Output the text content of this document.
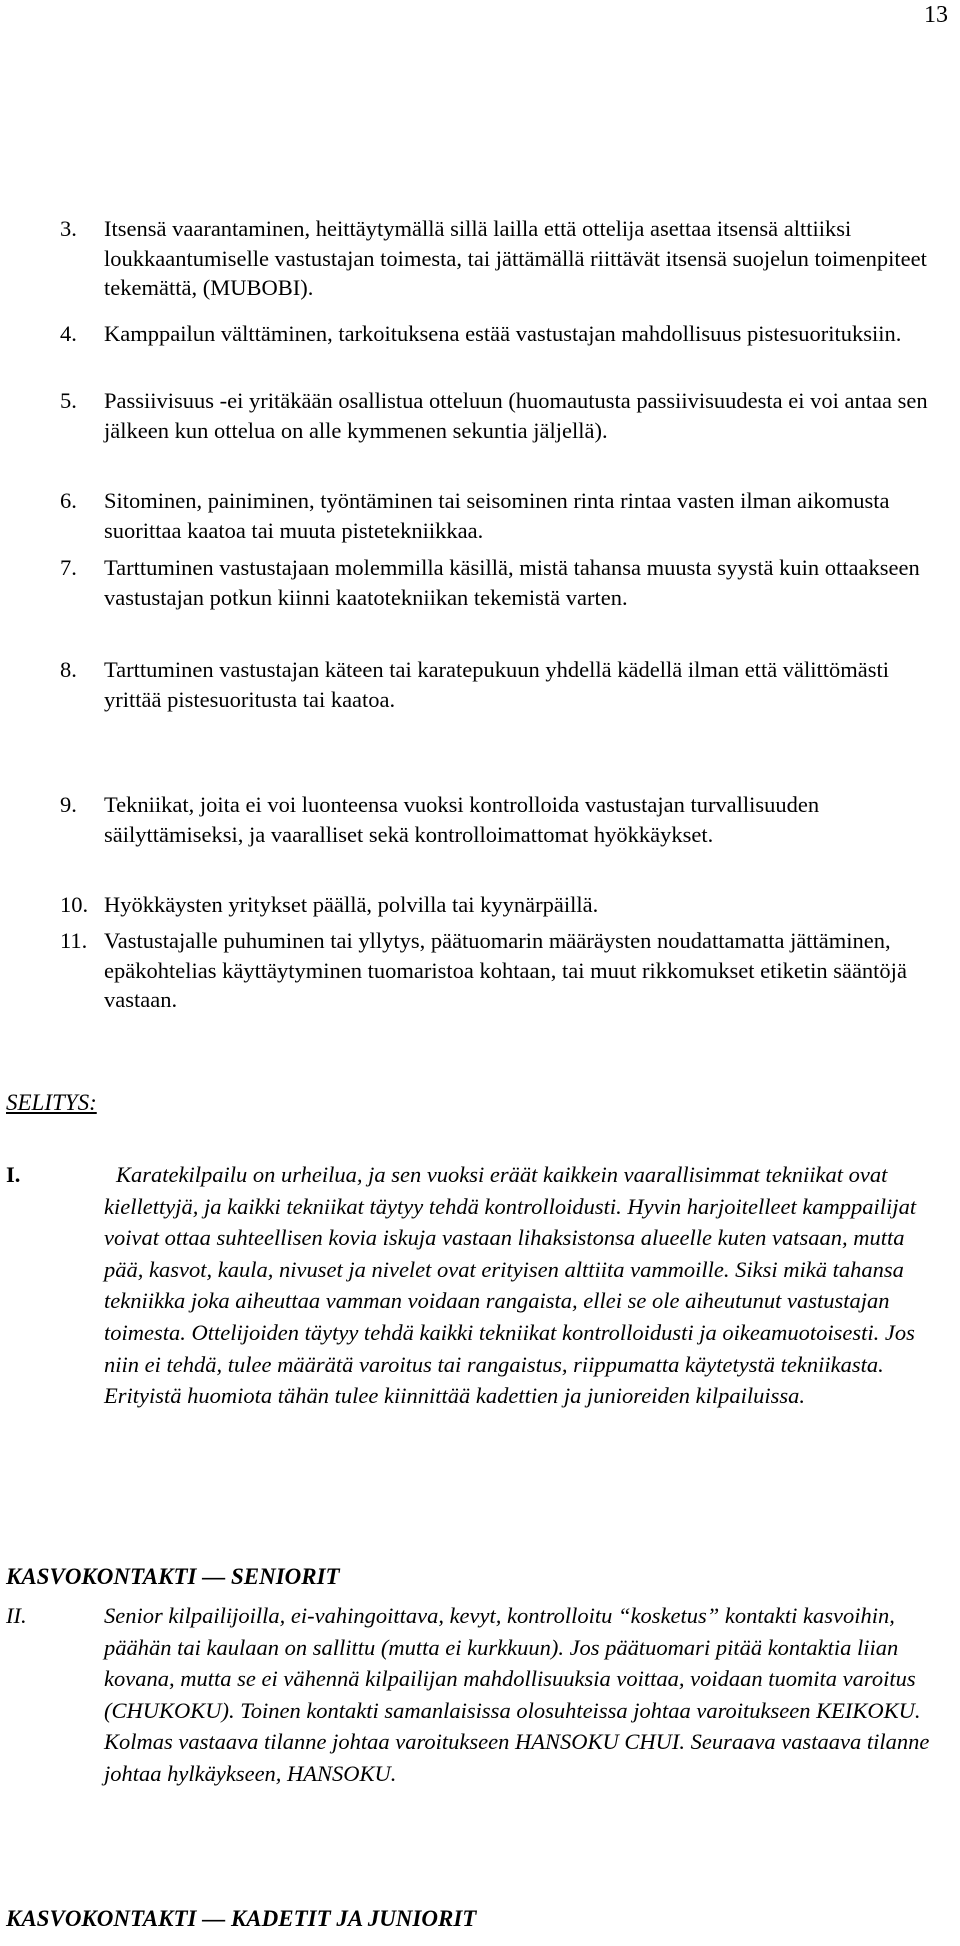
13
3. Itsensä vaarantaminen, heittäytymällä sillä lailla että ottelija asettaa itsensä alttiiksi loukkaantumiselle vastustajan toimesta, tai jättämällä riittävät itsensä suojelun toimenpiteet tekemättä, (MUBOBI).
4. Kamppailun välttäminen, tarkoituksena estää vastustajan mahdollisuus pistesuorituksiin.
5. Passiivisuus -ei yritäkään osallistua otteluun (huomautusta passiivisuudesta ei voi antaa sen jälkeen kun ottelua on alle kymmenen sekuntia jäljellä).
6. Sitominen, painiminen, työntäminen tai seisominen rinta rintaa vasten ilman aikomusta suorittaa kaatoa tai muuta pistetekniikkaa.
7. Tarttuminen vastustajaan molemmilla käsillä, mistä tahansa muusta syystä kuin ottaakseen vastustajan potkun kiinni kaatotekniikan tekemistä varten.
8. Tarttuminen vastustajan käteen tai karatepukuun yhdellä kädellä ilman että välittömästi yrittää pistesuoritusta tai kaatoa.
9. Tekniikat, joita ei voi luonteensa vuoksi kontrolloida vastustajan turvallisuuden säilyttämiseksi, ja vaaralliset sekä kontrolloimattomat hyökkäykset.
10. Hyökkäysten yritykset päällä, polvilla tai kyynärpäillä.
11. Vastustajalle puhuminen tai yllytys, päätuomarin määräysten noudattamatta jättäminen, epäkohtelias käyttäytyminen tuomaristoa kohtaan, tai muut rikkomukset etiketin sääntöjä vastaan.
SELITYS:
I.	Karatekilpailu on urheilua, ja sen vuoksi eräät kaikkein vaarallisimmat tekniikat ovat kiellettyjä, ja kaikki tekniikat täytyy tehdä kontrolloidusti. Hyvin harjoitelleet kamppailijat voivat ottaa suhteellisen kovia iskuja vastaan lihaksistonsa alueelle kuten vatsaan, mutta pää, kasvot, kaula, nivuset ja nivelet ovat erityisen alttiita vammoille. Siksi mikä tahansa tekniikka joka aiheuttaa vamman voidaan rangaista, ellei se ole aiheutunut vastustajan toimesta. Ottelijoiden täytyy tehdä kaikki tekniikat kontrolloidusti ja oikeamuotoisesti. Jos niin ei tehdä, tulee määrätä varoitus tai rangaistus, riippumatta käytetystä tekniikasta. Erityistä huomiota tähän tulee kiinnittää kadettien ja junioreiden kilpailuissa.
KASVOKONTAKTI — SENIORIT
II.	Senior kilpailijoilla, ei-vahingoittava, kevyt, kontrolloitu “kosketus” kontakti kasvoihin, päähän tai kaulaan on sallittu (mutta ei kurkkuun). Jos päätuomari pitää kontaktia liian kovana, mutta se ei vähennä kilpailijan mahdollisuuksia voittaa, voidaan tuomita varoitus (CHUKOKU). Toinen kontakti samanlaisissa olosuhteissa johtaa varoitukseen KEIKOKU. Kolmas vastaava tilanne johtaa varoitukseen HANSOKU CHUI. Seuraava vastaava tilanne johtaa hylkäykseen, HANSOKU.
KASVOKONTAKTI — KADETIT JA JUNIORIT
